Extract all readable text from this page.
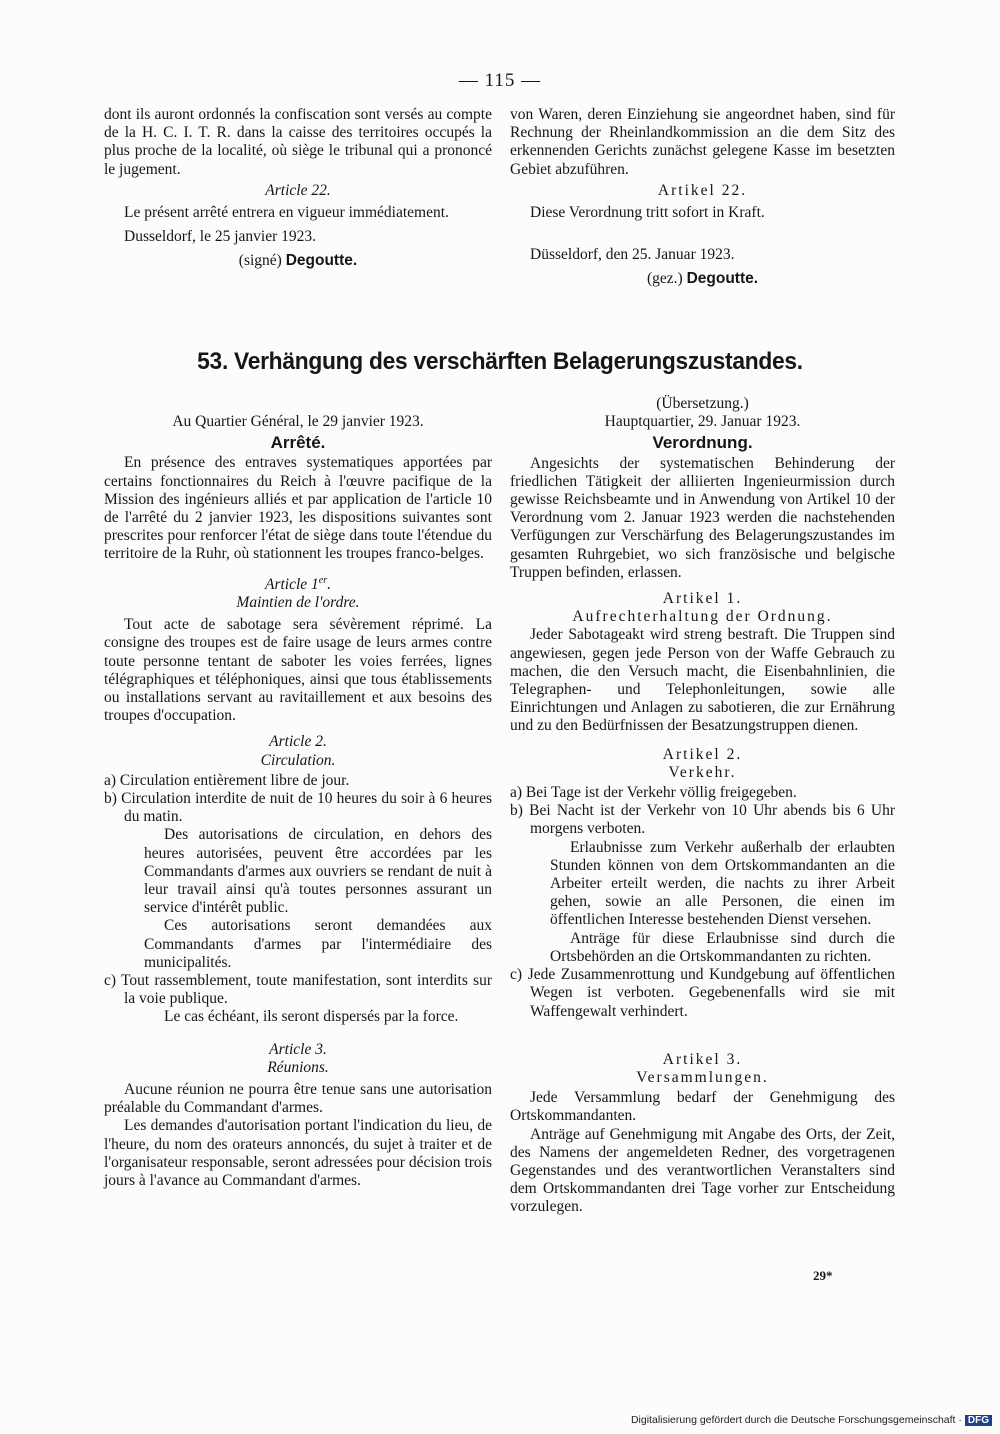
— 115 —

dont ils auront ordonnés la confiscation sont versés au compte de la H. C. I. T. R. dans la caisse des territoires occupés la plus proche de la localité, où siège le tribunal qui a prononcé le jugement.

Article 22.

Le présent arrêté entrera en vigueur immédiatement.

Dusseldorf, le 25 janvier 1923.

(signé) Degoutte.

von Waren, deren Einziehung sie angeordnet haben, sind für Rechnung der Rheinlandkommission an die dem Sitz des erkennenden Gerichts zunächst gelegene Kasse im besetzten Gebiet abzuführen.

Artikel 22.

Diese Verordnung tritt sofort in Kraft.

Düsseldorf, den 25. Januar 1923.

(gez.) Degoutte.

53. Verhängung des verschärften Belagerungszustandes.

Au Quartier Général, le 29 janvier 1923.

Arrêté.

En présence des entraves systematiques apportées par certains fonctionnaires du Reich à l'œuvre pacifique de la Mission des ingénieurs alliés et par application de l'article 10 de l'arrêté du 2 janvier 1923, les dispositions suivantes sont prescrites pour renforcer l'état de siège dans toute l'étendue du territoire de la Ruhr, où stationnent les troupes franco-belges.

Article 1er.

Maintien de l'ordre.

Tout acte de sabotage sera sévèrement réprimé. La consigne des troupes est de faire usage de leurs armes contre toute personne tentant de saboter les voies ferrées, lignes télégraphiques et téléphoniques, ainsi que tous établissements ou installations servant au ravitaillement et aux besoins des troupes d'occupation.

Article 2.

Circulation.

a) Circulation entièrement libre de jour.

b) Circulation interdite de nuit de 10 heures du soir à 6 heures du matin.

Des autorisations de circulation, en dehors des heures autorisées, peuvent être accordées par les Commandants d'armes aux ouvriers se rendant de nuit à leur travail ainsi qu'à toutes personnes assurant un service d'intérêt public.

Ces autorisations seront demandées aux Commandants d'armes par l'intermédiaire des municipalités.

c) Tout rassemblement, toute manifestation, sont interdits sur la voie publique.

Le cas échéant, ils seront dispersés par la force.

Article 3.

Réunions.

Aucune réunion ne pourra être tenue sans une autorisation préalable du Commandant d'armes.

Les demandes d'autorisation portant l'indication du lieu, de l'heure, du nom des orateurs annoncés, du sujet à traiter et de l'organisateur responsable, seront adressées pour décision trois jours à l'avance au Commandant d'armes.

(Übersetzung.)

Hauptquartier, 29. Januar 1923.

Verordnung.

Angesichts der systematischen Behinderung der friedlichen Tätigkeit der alliierten Ingenieurmission durch gewisse Reichsbeamte und in Anwendung von Artikel 10 der Verordnung vom 2. Januar 1923 werden die nachstehenden Verfügungen zur Verschärfung des Belagerungszustandes im gesamten Ruhrgebiet, wo sich französische und belgische Truppen befinden, erlassen.

Artikel 1.

Aufrechterhaltung der Ordnung.

Jeder Sabotageakt wird streng bestraft. Die Truppen sind angewiesen, gegen jede Person von der Waffe Gebrauch zu machen, die den Versuch macht, die Eisenbahnlinien, die Telegraphen- und Telephonleitungen, sowie alle Einrichtungen und Anlagen zu sabotieren, die zur Ernährung und zu den Bedürfnissen der Besatzungstruppen dienen.

Artikel 2.

Verkehr.

a) Bei Tage ist der Verkehr völlig freigegeben.

b) Bei Nacht ist der Verkehr von 10 Uhr abends bis 6 Uhr morgens verboten.

Erlaubnisse zum Verkehr außerhalb der erlaubten Stunden können von dem Ortskommandanten an die Arbeiter erteilt werden, die nachts zu ihrer Arbeit gehen, sowie an alle Personen, die einen im öffentlichen Interesse bestehenden Dienst versehen.

Anträge für diese Erlaubnisse sind durch die Ortsbehörden an die Ortskommandanten zu richten.

c) Jede Zusammenrottung und Kundgebung auf öffentlichen Wegen ist verboten. Gegebenenfalls wird sie mit Waffengewalt verhindert.

Artikel 3.

Versammlungen.

Jede Versammlung bedarf der Genehmigung des Ortskommandanten.

Anträge auf Genehmigung mit Angabe des Orts, der Zeit, des Namens der angemeldeten Redner, des vorgetragenen Gegenstandes und des verantwortlichen Veranstalters sind dem Ortskommandanten drei Tage vorher zur Entscheidung vorzulegen.

29*
Digitalisierung gefördert durch die Deutsche Forschungsgemeinschaft · DFG
